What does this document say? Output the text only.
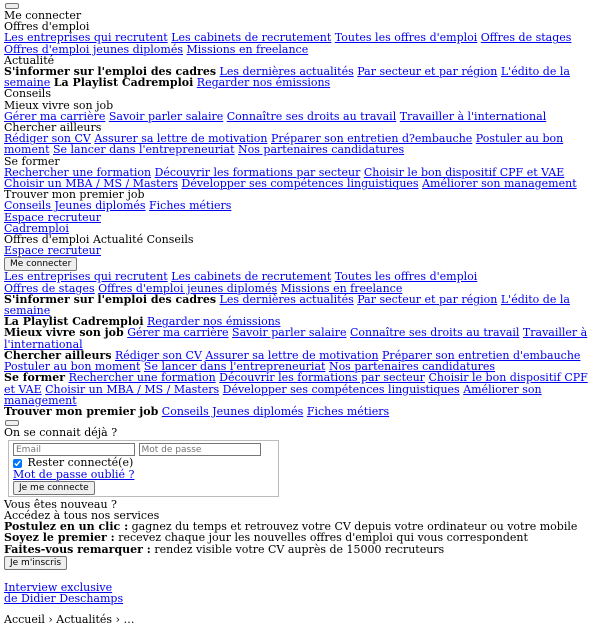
Me connecter
Offres d'emploi
Les entreprises qui recrutent Les cabinets de recrutement Toutes les offres d'emploi Offres de stages Offres d'emploi jeunes diplomés Missions en freelance
Actualité
S'informer sur l'emploi des cadres Les dernières actualités Par secteur et par région L'édito de la semaine La Playlist Cadremploi Regarder nos émissions
Conseils
Mieux vivre son job
Gérer ma carrière Savoir parler salaire Connaître ses droits au travail Travailler à l'international
Chercher ailleurs
Rédiger son CV Assurer sa lettre de motivation Préparer son entretien d?embauche Postuler au bon moment Se lancer dans l'entrepreneuriat Nos partenaires candidatures
Se former
Rechercher une formation Découvrir les formations par secteur Choisir le bon dispositif CPF et VAE Choisir un MBA / MS / Masters Développer ses compétences linguistiques Améliorer son management
Trouver mon premier job
Conseils Jeunes diplomés Fiches métiers
Espace recruteur
Cadremploi
Offres d'emploi Actualité Conseils
Espace recruteur
Me connecter
Les entreprises qui recrutent Les cabinets de recrutement Toutes les offres d'emploi
Offres de stages Offres d'emploi jeunes diplomés Missions en freelance
S'informer sur l'emploi des cadres Les dernières actualités Par secteur et par région L'édito de la semaine
La Playlist Cadremploi Regarder nos émissions
Mieux vivre son job Gérer ma carrière Savoir parler salaire Connaître ses droits au travail Travailler à l'international
Chercher ailleurs Rédiger son CV Assurer sa lettre de motivation Préparer son entretien d'embauche Postuler au bon moment Se lancer dans l'entrepreneuriat Nos partenaires candidatures
Se former Rechercher une formation Découvrir les formations par secteur Choisir le bon dispositif CPF et VAE Choisir un MBA / MS / Masters Développer ses compétences linguistiques Améliorer son management
Trouver mon premier job Conseils Jeunes diplomés Fiches métiers
On se connait déjà ?
Email
Rester connecté(e)
Mot de passe oublié ?
Je me connecte
Vous êtes nouveau ?
Accédez à tous nos services
Postulez en un clic : gagnez du temps et retrouvez votre CV depuis votre ordinateur ou votre mobile
Soyez le premier : recevez chaque jour les nouvelles offres d'emploi qui vous correspondent
Faites-vous remarquer : rendez visible votre CV auprès de 15000 recruteurs
Je m'inscris
Interview exclusive
de Didier Deschamps
Accueil › Actualités › …
